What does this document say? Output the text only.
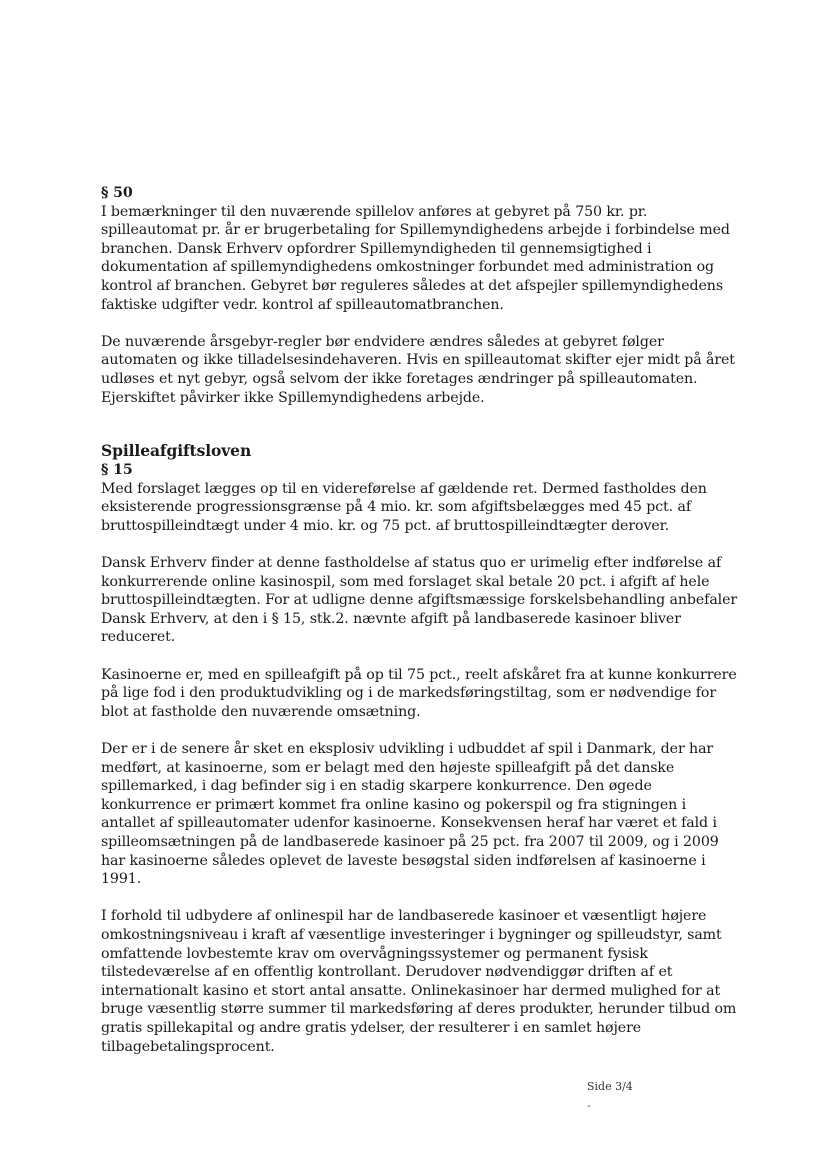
§ 50

I bemærkninger til den nuværende spillelov anføres at gebyret på 750 kr. pr. spilleautomat pr. år er brugerbetaling for Spillemyndighedens arbejde i forbindelse med branchen. Dansk Erhverv opfordrer Spillemyndigheden til gennemsigtighed i dokumentation af spillemyndighedens omkostninger forbundet med administration og kontrol af branchen. Gebyret bør reguleres således at det afspejler spillemyndighedens faktiske udgifter vedr. kontrol af spilleautomatbranchen.

De nuværende årsgebyr-regler bør endvidere ændres således at gebyret følger automaten og ikke tilladelsesindehaveren. Hvis en spilleautomat skifter ejer midt på året udløses et nyt gebyr, også selvom der ikke foretages ændringer på spilleautomaten. Ejerskiftet påvirker ikke Spillemyndighedens arbejde.

Spilleafgiftsloven

§ 15

Med forslaget lægges op til en videreførelse af gældende ret. Dermed fastholdes den eksisterende progressionsgrænse på 4 mio. kr. som afgiftsbelægges med 45 pct. af bruttospilleindtægt under 4 mio. kr. og 75 pct. af bruttospilleindtægter derover.

Dansk Erhverv finder at denne fastholdelse af status quo er urimelig efter indførelse af konkurrerende online kasinospil, som med forslaget skal betale 20 pct. i afgift af hele bruttospilleindtægten. For at udligne denne afgiftsmæssige forskelsbehandling anbefaler Dansk Erhverv, at den i § 15, stk.2. nævnte afgift på landbaserede kasinoer bliver reduceret.

Kasinoerne er, med en spilleafgift på op til 75 pct., reelt afskåret fra at kunne konkurrere på lige fod i den produktudvikling og i de markedsføringstiltag, som er nødvendige for blot at fastholde den nuværende omsætning.

Der er i de senere år sket en eksplosiv udvikling i udbuddet af spil i Danmark, der har medført, at kasinoerne, som er belagt med den højeste spilleafgift på det danske spillemarked, i dag befinder sig i en stadig skarpere konkurrence. Den øgede konkurrence er primært kommet fra online kasino og pokerspil og fra stigningen i antallet af spilleautomater udenfor kasinoerne. Konsekvensen heraf har været et fald i spilleomsætningen på de landbaserede kasinoer på 25 pct. fra 2007 til 2009, og i 2009 har kasinoerne således oplevet de laveste besøgstal siden indførelsen af kasinoerne i 1991.

I forhold til udbydere af onlinespil har de landbaserede kasinoer et væsentligt højere omkostningsniveau i kraft af væsentlige investeringer i bygninger og spilleudstyr, samt omfattende lovbestemte krav om overvågningssystemer og permanent fysisk tilstedeværelse af en offentlig kontrollant. Derudover nødvendiggør driften af et internationalt kasino et stort antal ansatte. Onlinekasinoer har dermed mulighed for at bruge væsentlig større summer til markedsføring af deres produkter, herunder tilbud om gratis spillekapital og andre gratis ydelser, der resulterer i en samlet højere tilbagebetalingsprocent.

Side 3/4
-
